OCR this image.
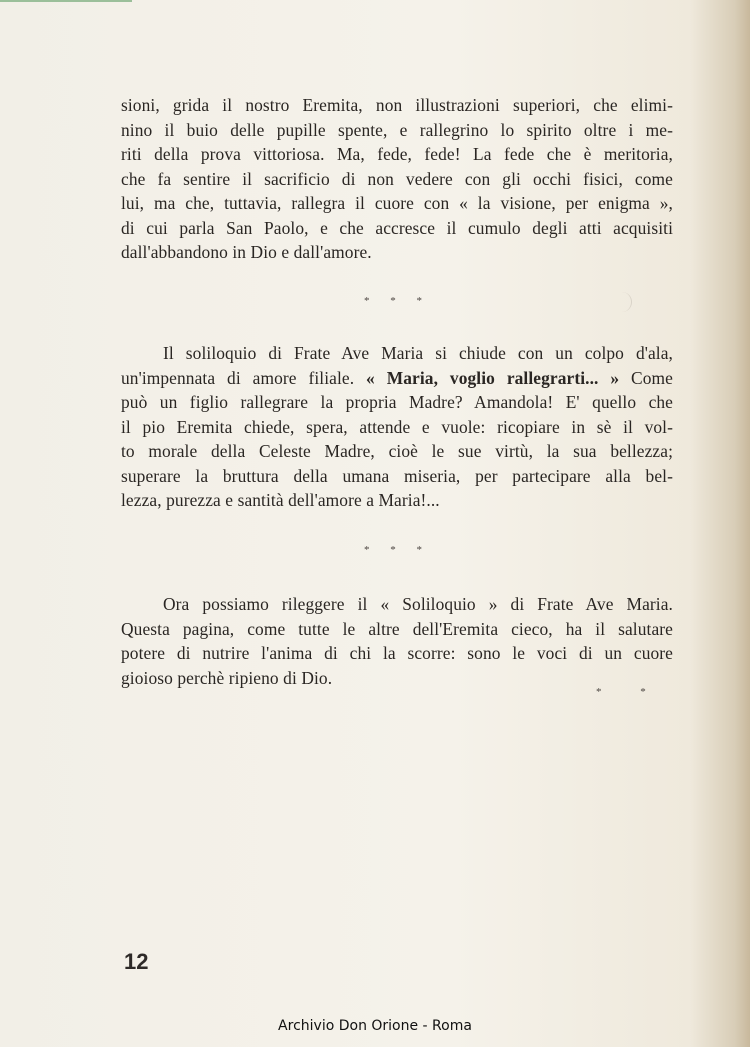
sioni, grida il nostro Eremita, non illustrazioni superiori, che elimi-
nino il buio delle pupille spente, e rallegrino lo spirito oltre i me-
riti della prova vittoriosa. Ma, fede, fede! La fede che è meritoria,
che fa sentire il sacrificio di non vedere con gli occhi fisici, come
lui, ma che, tuttavia, rallegra il cuore con « la visione, per enigma »,
di cui parla San Paolo, e che accresce il cumulo degli atti acquisiti
dall'abbandono in Dio e dall'amore.
* * *
Il soliloquio di Frate Ave Maria si chiude con un colpo d'ala,
un'impennata di amore filiale. « Maria, voglio rallegrarti... » Come
può un figlio rallegrare la propria Madre? Amandola! E' quello che
il pio Eremita chiede, spera, attende e vuole: ricopiare in sè il vol-
to morale della Celeste Madre, cioè le sue virtù, la sua bellezza;
superare la bruttura della umana miseria, per partecipare alla bel-
lezza, purezza e santità dell'amore a Maria!...
* * *
Ora possiamo rileggere il « Soliloquio » di Frate Ave Maria.
Questa pagina, come tutte le altre dell'Eremita cieco, ha il salutare
potere di nutrire l'anima di chi la scorre: sono le voci di un cuore
gioioso perchè ripieno di Dio.
* *
12
Archivio Don Orione - Roma
